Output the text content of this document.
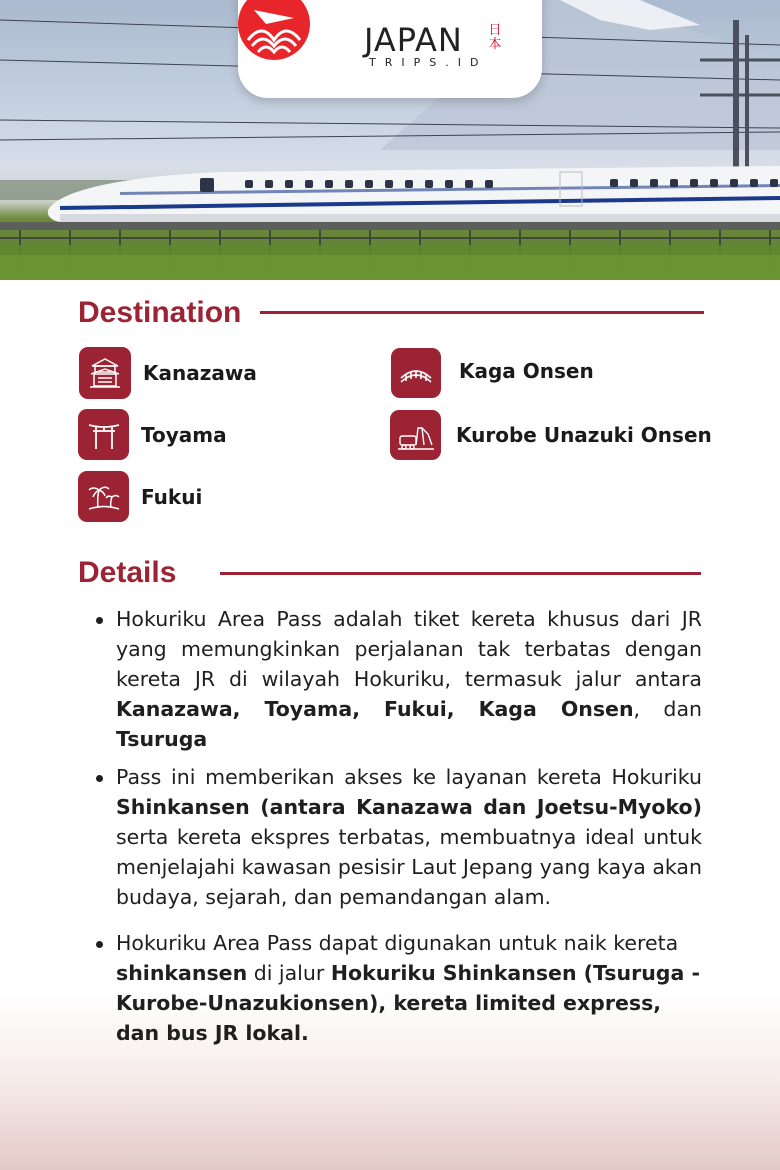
JAPAN
TRIPS.ID
日本
Destination
Kanazawa	Kaga Onsen
Toyama	Kurobe Unazuki Onsen
Fukui
Details
Hokuriku Area Pass adalah tiket kereta khusus dari JR yang memungkinkan perjalanan tak terbatas dengan kereta JR di wilayah Hokuriku, termasuk jalur antara Kanazawa, Toyama, Fukui, Kaga Onsen, dan Tsuruga
Pass ini memberikan akses ke layanan kereta Hokuriku Shinkansen (antara Kanazawa dan Joetsu-Myoko) serta kereta ekspres terbatas, membuatnya ideal untuk menjelajahi kawasan pesisir Laut Jepang yang kaya akan budaya, sejarah, dan pemandangan alam.
Hokuriku Area Pass dapat digunakan untuk naik kereta shinkansen di jalur Hokuriku Shinkansen (Tsuruga - Kurobe-Unazukionsen), kereta limited express, dan bus JR lokal.
